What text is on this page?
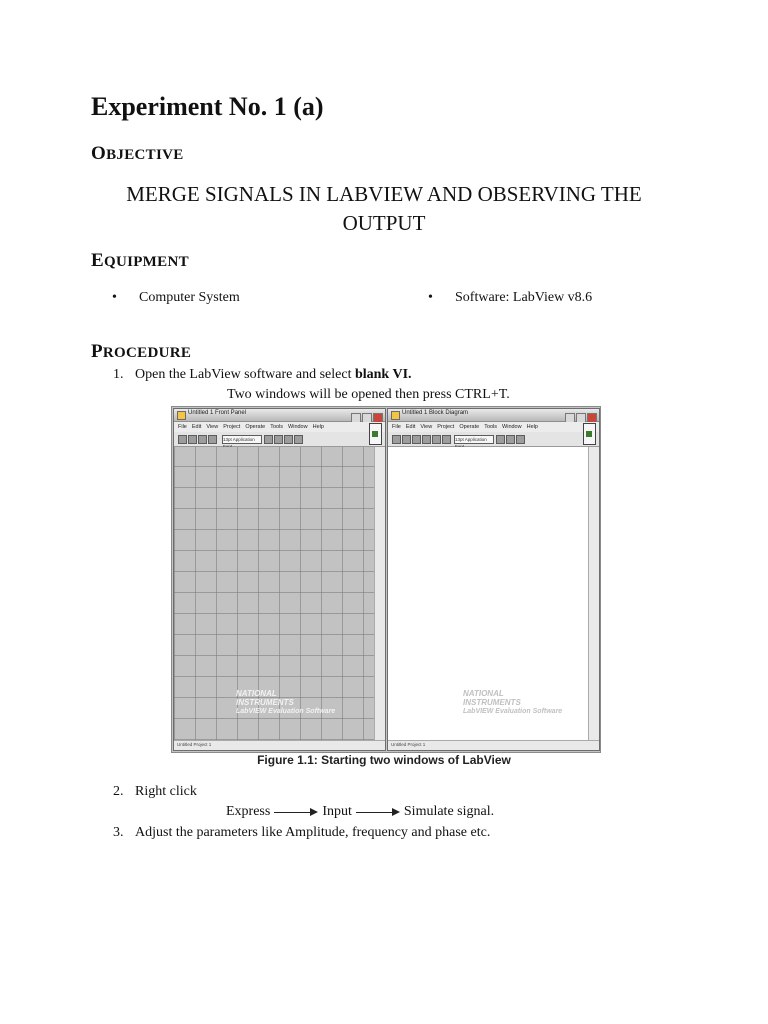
Experiment No. 1 (a)
OBJECTIVE
MERGE SIGNALS IN LABVIEW AND OBSERVING THE
OUTPUT
EQUIPMENT
• Computer System	• Software: LabView v8.6
PROCEDURE
1. Open the LabView software and select blank VI.
Two windows will be opened then press CTRL+T.
Untitled 1 Front Panel
File Edit View Project Operate Tools Window Help
13pt Application
NATIONAL
INSTRUMENTS
LabVIEW Evaluation Software
Untitled Project 1
Untitled 1 Block Diagram
File Edit View Project Operate Tools Window Help
13pt Application
NATIONAL
INSTRUMENTS
LabVIEW Evaluation Software
Untitled Project 1
Figure 1.1: Starting two windows of LabView
2. Right click
Express	Input	Simulate signal.
3. Adjust the parameters like Amplitude, frequency and phase etc.
